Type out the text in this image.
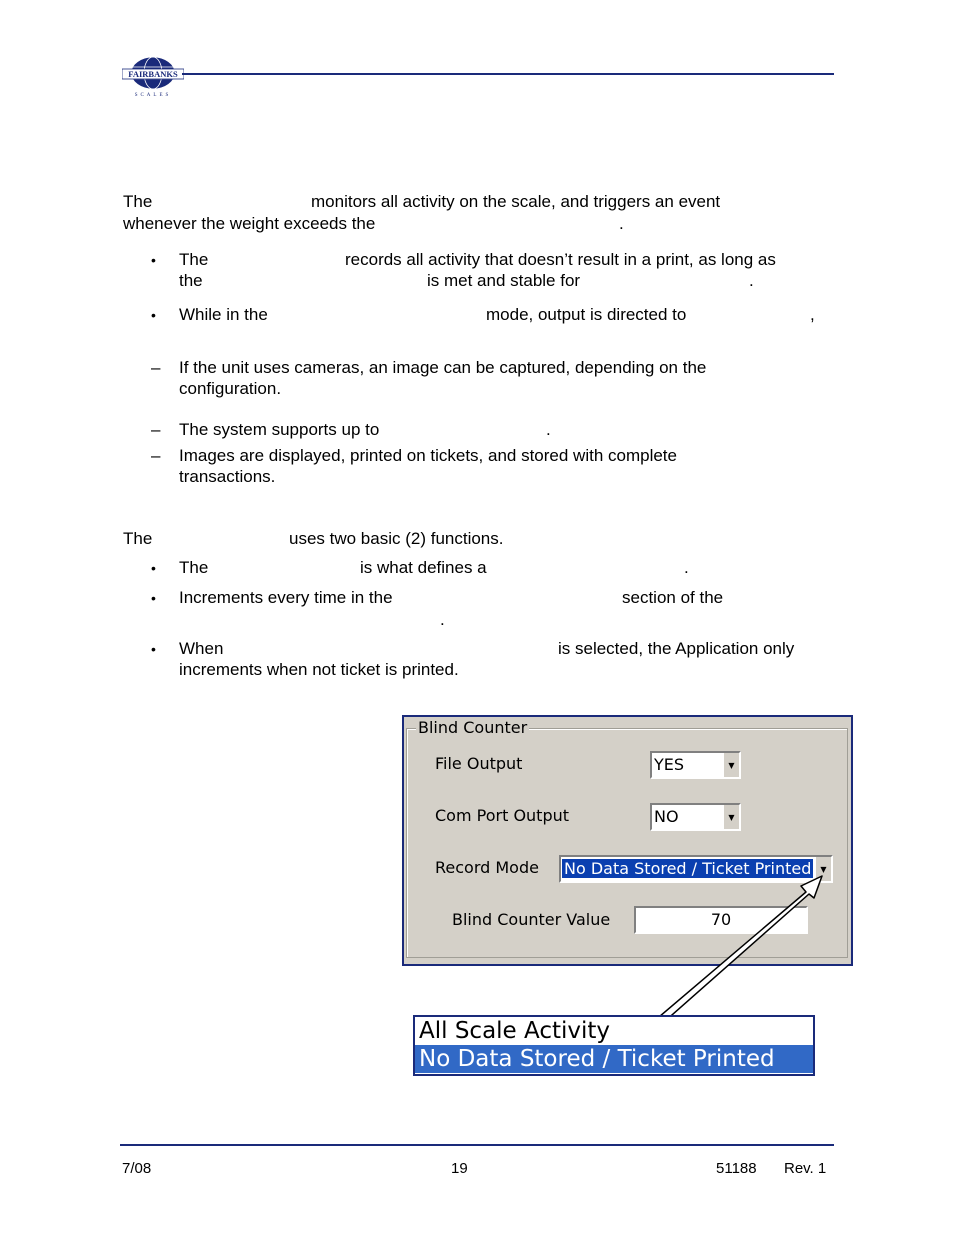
FAIRBANKS
SCALES
The	monitors all activity on the scale, and triggers an event
whenever the weight exceeds the	.
• The	records all activity that doesn’t result in a print, as long as
the	is met and stable for	.
• While in the	mode, output is directed to	,
– If the unit uses cameras, an image can be captured, depending on the
configuration.
– The system supports up to	.
– Images are displayed, printed on tickets, and stored with complete
transactions.
The	uses two basic (2) functions.
• The	is what defines a	.
• Increments every time in the	section of the
.
• When	is selected, the Application only
increments when not ticket is printed.
Blind Counter
File Output	YES	▼
Com Port Output	NO	▼
Record Mode No Data Stored / Ticket Printed	▼
Blind Counter Value	70
All Scale Activity
No Data Stored / Ticket Printed
7/08	19	51188 Rev. 1
